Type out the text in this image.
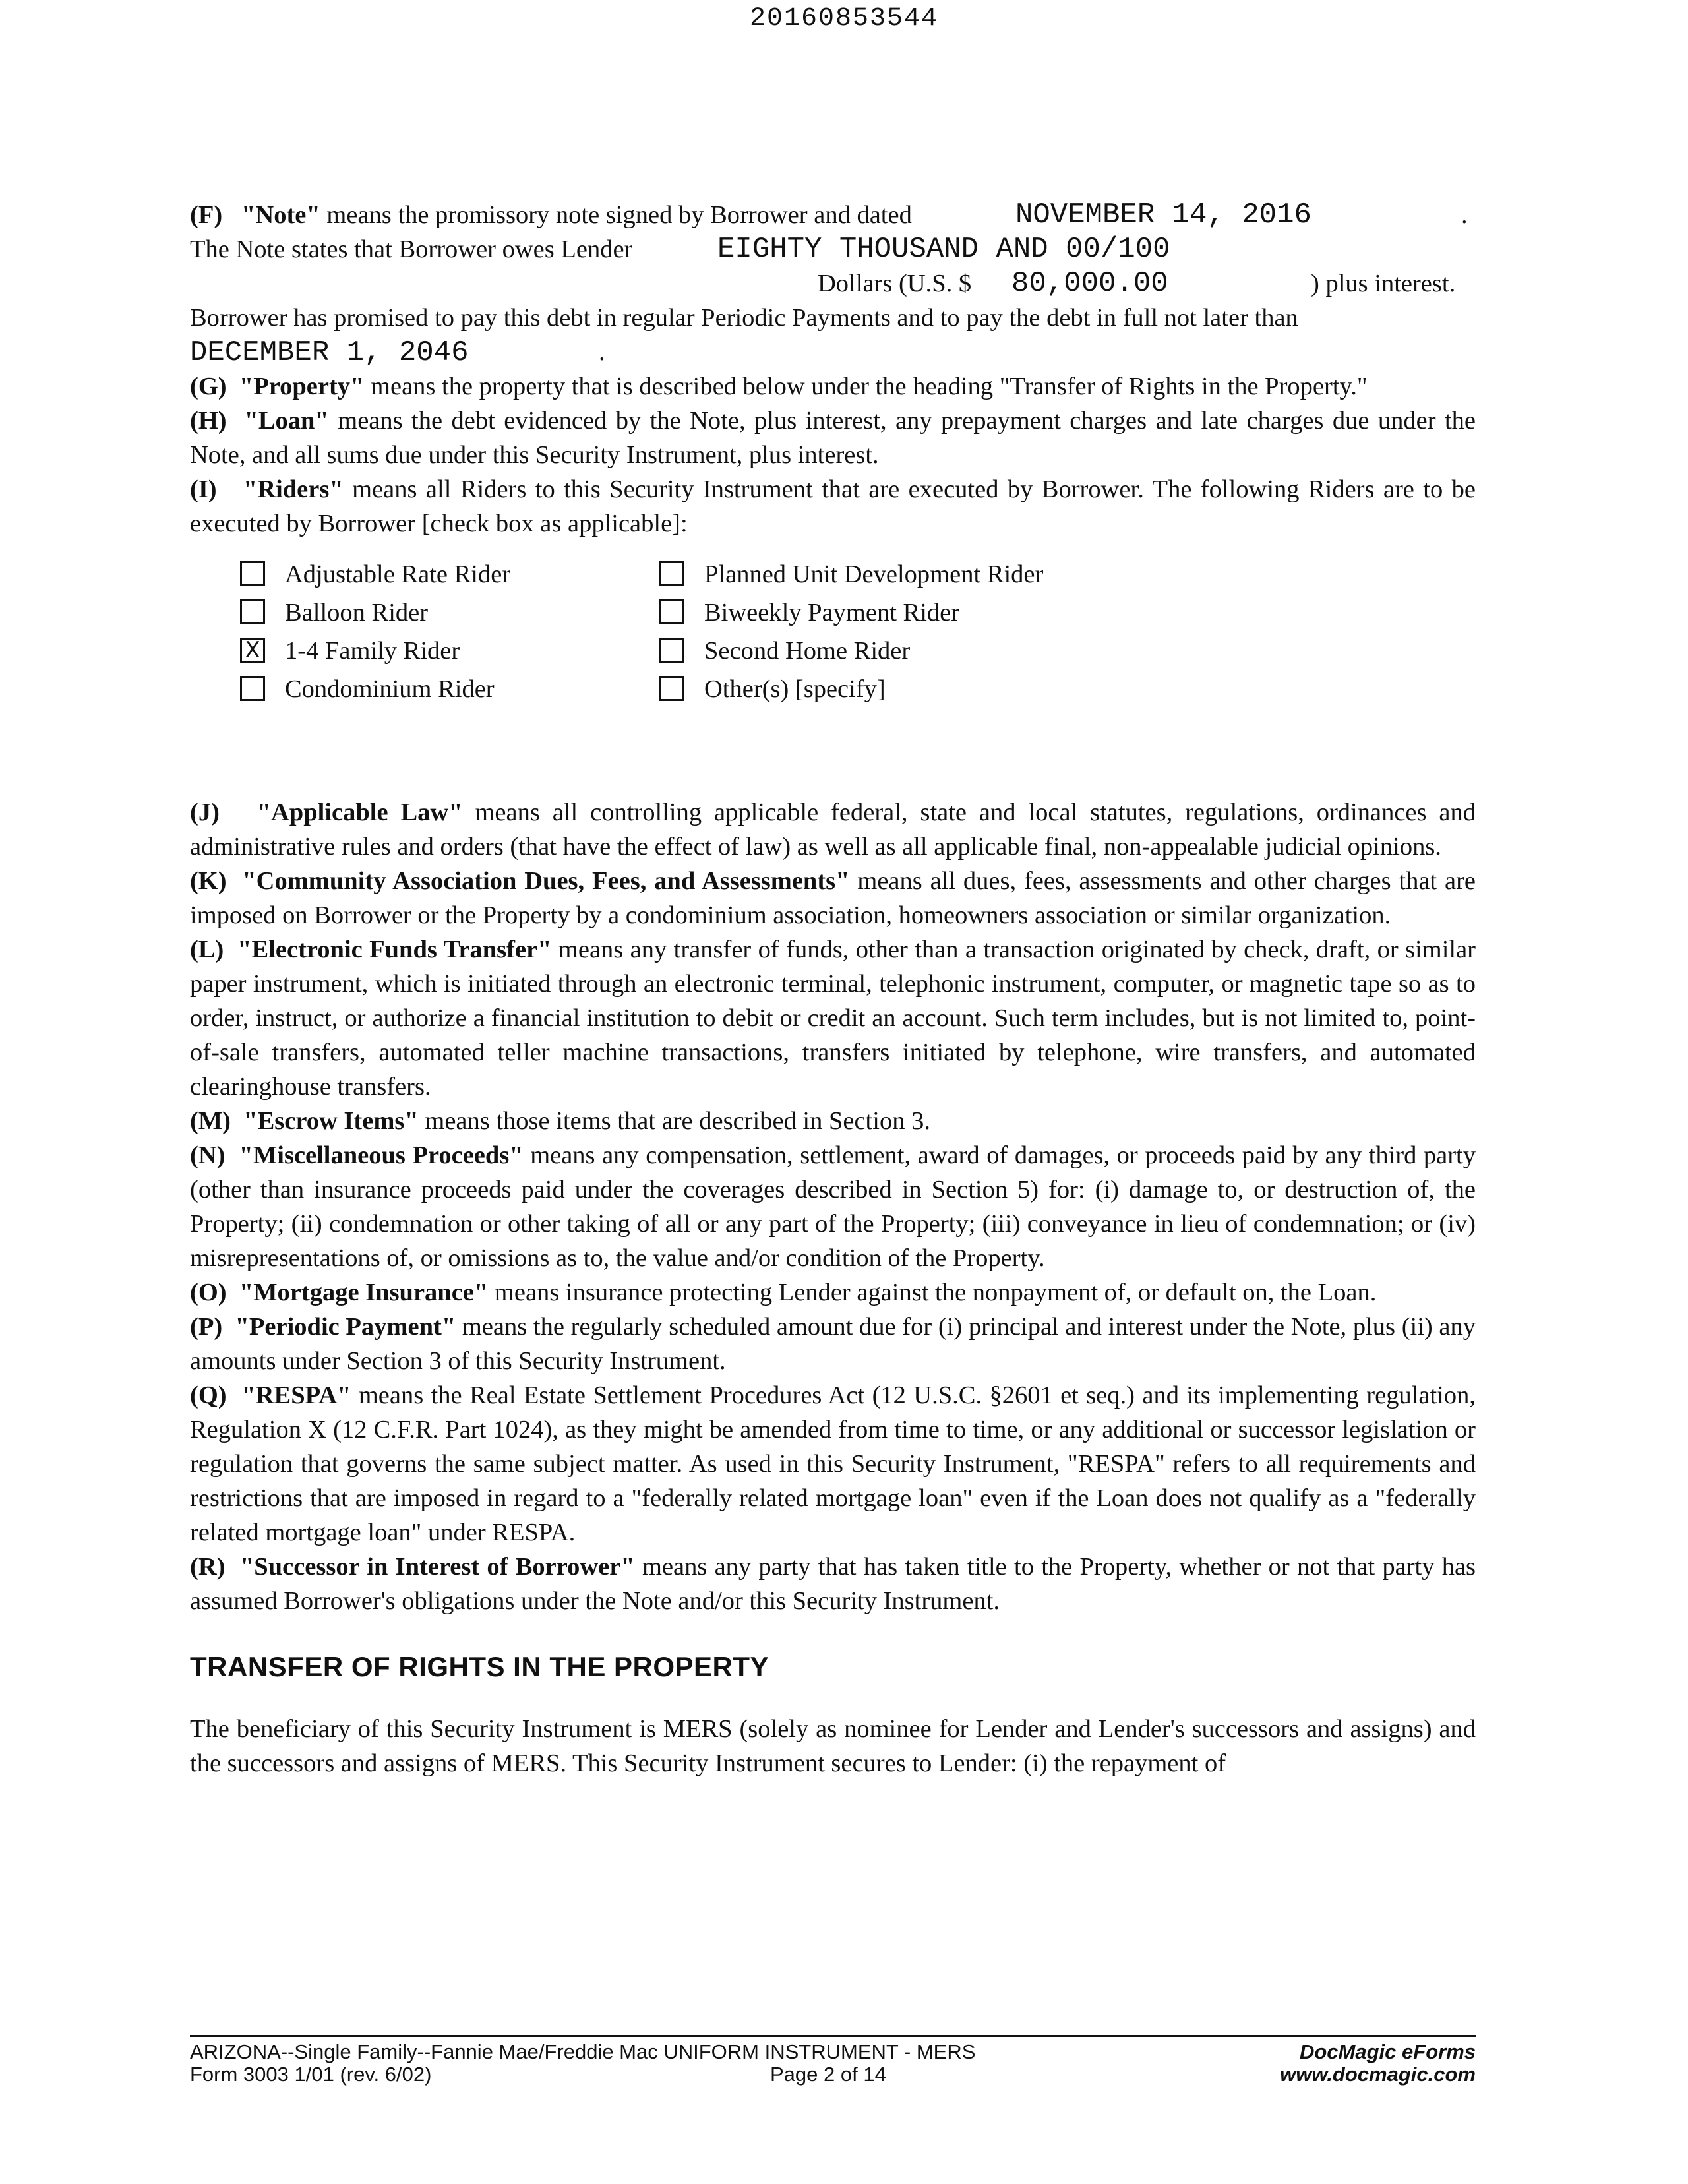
20160853544
(F) "Note" means the promissory note signed by Borrower and dated	NOVEMBER 14, 2016	.
The Note states that Borrower owes Lender	EIGHTY THOUSAND AND 00/100
Dollars (U.S. $ 80,000.00	) plus interest.

Borrower has promised to pay this debt in regular Periodic Payments and to pay the debt in full not later than

DECEMBER 1, 2046	.

(G) "Property" means the property that is described below under the heading "Transfer of Rights in the Property."

(H) "Loan" means the debt evidenced by the Note, plus interest, any prepayment charges and late charges due under the Note, and all sums due under this Security Instrument, plus interest.

(I) "Riders" means all Riders to this Security Instrument that are executed by Borrower. The following Riders are to be executed by Borrower [check box as applicable]:

Adjustable Rate Rider
Balloon Rider
X 1-4 Family Rider
Condominium Rider
Planned Unit Development Rider
Biweekly Payment Rider
Second Home Rider
Other(s) [specify]

(J) "Applicable Law" means all controlling applicable federal, state and local statutes, regulations, ordinances and administrative rules and orders (that have the effect of law) as well as all applicable final, non-appealable judicial opinions.

(K) "Community Association Dues, Fees, and Assessments" means all dues, fees, assessments and other charges that are imposed on Borrower or the Property by a condominium association, homeowners association or similar organization.

(L) "Electronic Funds Transfer" means any transfer of funds, other than a transaction originated by check, draft, or similar paper instrument, which is initiated through an electronic terminal, telephonic instrument, computer, or magnetic tape so as to order, instruct, or authorize a financial institution to debit or credit an account. Such term includes, but is not limited to, point-of-sale transfers, automated teller machine transactions, transfers initiated by telephone, wire transfers, and automated clearinghouse transfers.

(M) "Escrow Items" means those items that are described in Section 3.

(N) "Miscellaneous Proceeds" means any compensation, settlement, award of damages, or proceeds paid by any third party (other than insurance proceeds paid under the coverages described in Section 5) for: (i) damage to, or destruction of, the Property; (ii) condemnation or other taking of all or any part of the Property; (iii) conveyance in lieu of condemnation; or (iv) misrepresentations of, or omissions as to, the value and/or condition of the Property.

(O) "Mortgage Insurance" means insurance protecting Lender against the nonpayment of, or default on, the Loan.

(P) "Periodic Payment" means the regularly scheduled amount due for (i) principal and interest under the Note, plus (ii) any amounts under Section 3 of this Security Instrument.

(Q) "RESPA" means the Real Estate Settlement Procedures Act (12 U.S.C. §2601 et seq.) and its implementing regulation, Regulation X (12 C.F.R. Part 1024), as they might be amended from time to time, or any additional or successor legislation or regulation that governs the same subject matter. As used in this Security Instrument, "RESPA" refers to all requirements and restrictions that are imposed in regard to a "federally related mortgage loan" even if the Loan does not qualify as a "federally related mortgage loan" under RESPA.

(R) "Successor in Interest of Borrower" means any party that has taken title to the Property, whether or not that party has assumed Borrower's obligations under the Note and/or this Security Instrument.

TRANSFER OF RIGHTS IN THE PROPERTY

The beneficiary of this Security Instrument is MERS (solely as nominee for Lender and Lender's successors and assigns) and the successors and assigns of MERS. This Security Instrument secures to Lender: (i) the repayment of

ARIZONA--Single Family--Fannie Mae/Freddie Mac UNIFORM INSTRUMENT - MERS	DocMagic eForms
Form 3003 1/01 (rev. 6/02)	Page 2 of 14	www.docmagic.com
